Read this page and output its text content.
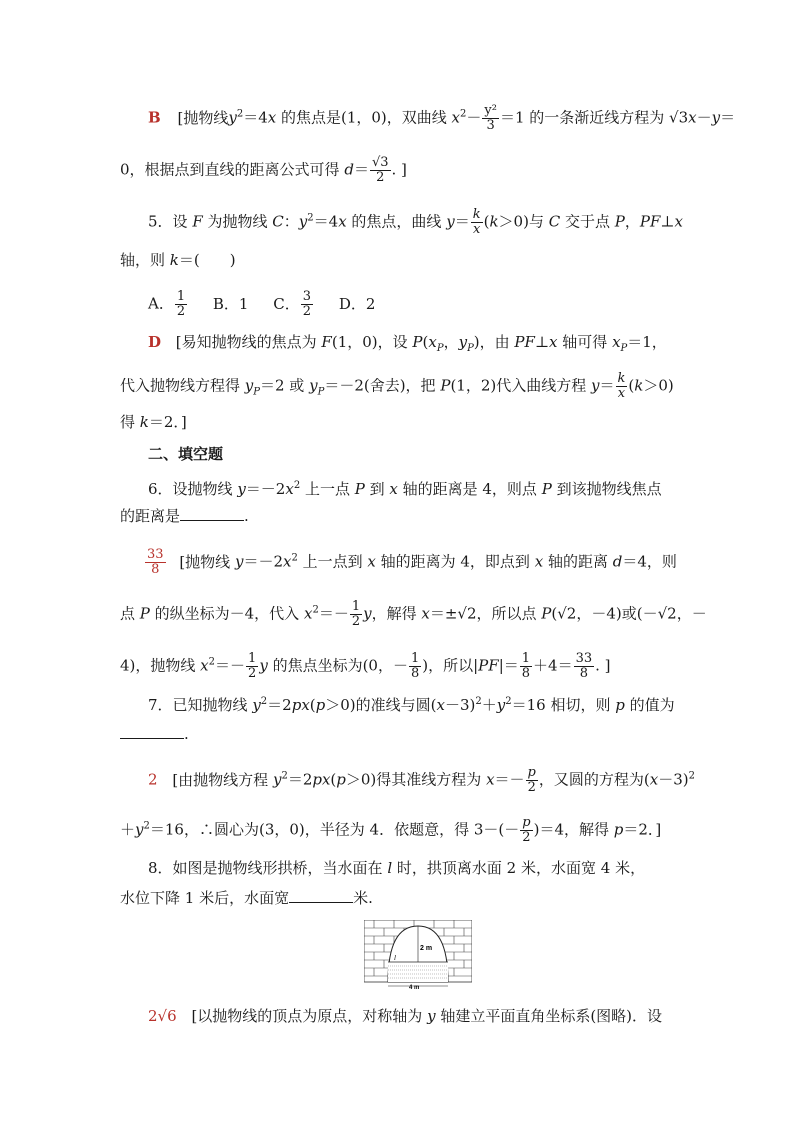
B [抛物线$y^2=4x$ 的焦点是(1，0)，双曲线 $x^2- \frac{\text{y²}}{3} =1$ 的一条渐近线方程为 √3x－y＝
0，根据点到直线的距离公式可得 $d= \frac{√3}{2}$ . ]
5．设 F 为抛物线 C：$y^2=4x$ 的焦点，曲线 $y= \frac{k}{x} (k>0)$与 C 交于点 P，PF⊥x
轴，则 k＝(　　)
A． $\frac{1}{2}$ B．1 C． $\frac{3}{2}$ D．2
D [易知抛物线的焦点为 F(1，0)，设 $P(x_P$，$y_P$)，由 PF⊥x 轴可得 $x_P=1$，
代入抛物线方程得 $y_P=2$ 或 $y_P=-2$(舍去)，把 P(1，2)代入曲线方程 $y= \frac{k}{x} (k>0)$
得 k＝2．]
二、填空题
6．设抛物线 $y=-2x^2$ 上一点 P 到 x 轴的距离是 4，则点 P 到该抛物线焦点
的距离是	.
$\frac{33}{8}$ [抛物线 $y=-2x^2$ 上一点到 x 轴的距离为 4，即点到 x 轴的距离 d＝4，则
点 P 的纵坐标为－4，代入 $x^2=- \frac{1}{2}$ y，解得 x＝±√2，所以点 P(√2，－4)或(－√2，－
4)，抛物线 $x^2=- \frac{1}{2}$ y 的焦点坐标为(0，－ $\frac{1}{8}$ )，所以$|PF|= \frac{1}{8} +4= \frac{33}{8}$ . ]
7．已知抛物线 $y^2=2px(p>0)$的准线与圆$(x-3)^2+y^2=16$ 相切，则 p 的值为
.
2 [由抛物线方程 $y^2=2px(p>0)$得其准线方程为 $x=- \frac{p}{2}$ ，又圆的方程为$(x-3)^2$
$+y^2=16$，∴圆心为(3，0)，半径为 4．依题意，得 $3-(- \frac{p}{2} )=4$，解得 p＝2．]
8．如图是抛物线形拱桥，当水面在 l 时，拱顶离水面 2 米，水面宽 4 米，
水位下降 1 米后，水面宽	米.
2 m
l
4 m
2√6 [以抛物线的顶点为原点，对称轴为 y 轴建立平面直角坐标系(图略)．设
